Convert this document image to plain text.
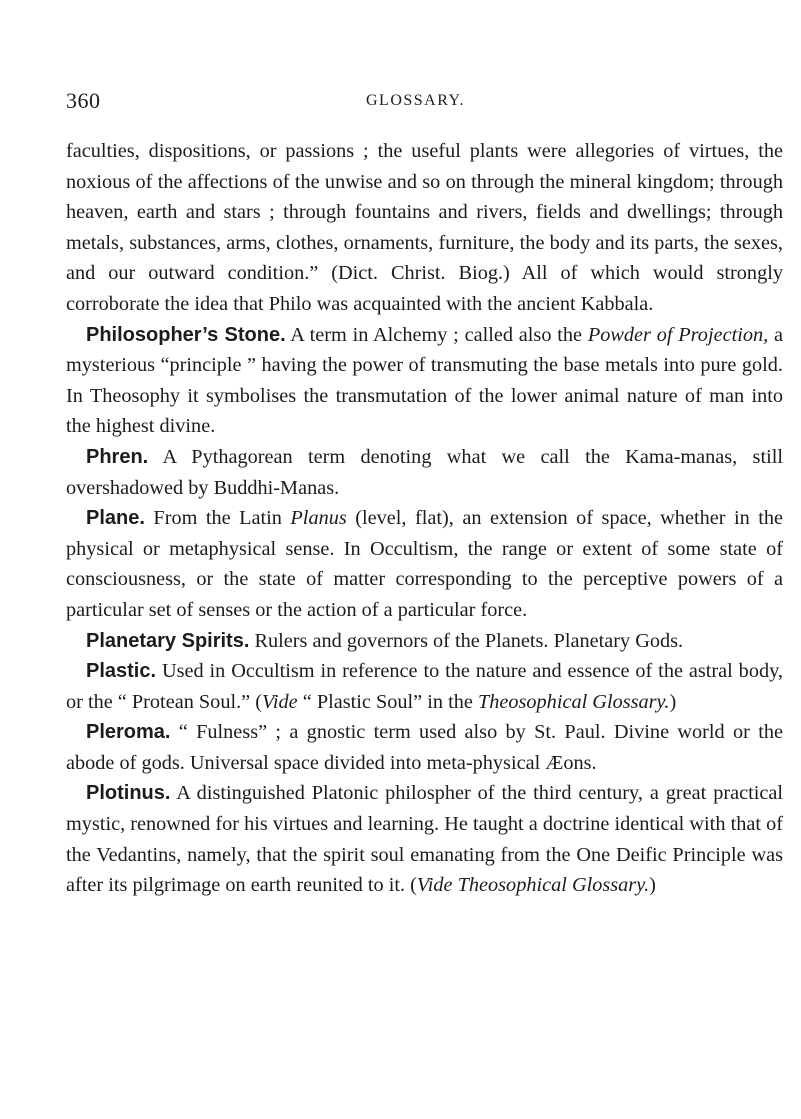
360	GLOSSARY.

faculties, dispositions, or passions ; the useful plants were allegories of virtues, the noxious of the affections of the unwise and so on through the mineral kingdom; through heaven, earth and stars ; through fountains and rivers, fields and dwellings; through metals, substances, arms, clothes, ornaments, furniture, the body and its parts, the sexes, and our outward condition.” (Dict. Christ. Biog.) All of which would strongly corroborate the idea that Philo was acquainted with the ancient Kabbala.

Philosopher’s Stone. A term in Alchemy ; called also the Powder of Projection, a mysterious “principle ” having the power of transmuting the base metals into pure gold. In Theosophy it symbolises the transmutation of the lower animal nature of man into the highest divine.

Phren. A Pythagorean term denoting what we call the Kama-manas, still overshadowed by Buddhi-Manas.

Plane. From the Latin Planus (level, flat), an extension of space, whether in the physical or metaphysical sense. In Occultism, the range or extent of some state of consciousness, or the state of matter corresponding to the perceptive powers of a particular set of senses or the action of a particular force.

Planetary Spirits. Rulers and governors of the Planets. Planetary Gods.

Plastic. Used in Occultism in reference to the nature and essence of the astral body, or the “ Protean Soul.” (Vide “ Plastic Soul” in the Theosophical Glossary.)

Pleroma. “ Fulness” ; a gnostic term used also by St. Paul. Divine world or the abode of gods. Universal space divided into meta-physical Æons.

Plotinus. A distinguished Platonic philospher of the third century, a great practical mystic, renowned for his virtues and learning. He taught a doctrine identical with that of the Vedantins, namely, that the spirit soul emanating from the One Deific Principle was after its pilgrimage on earth reunited to it. (Vide Theosophical Glossary.)
